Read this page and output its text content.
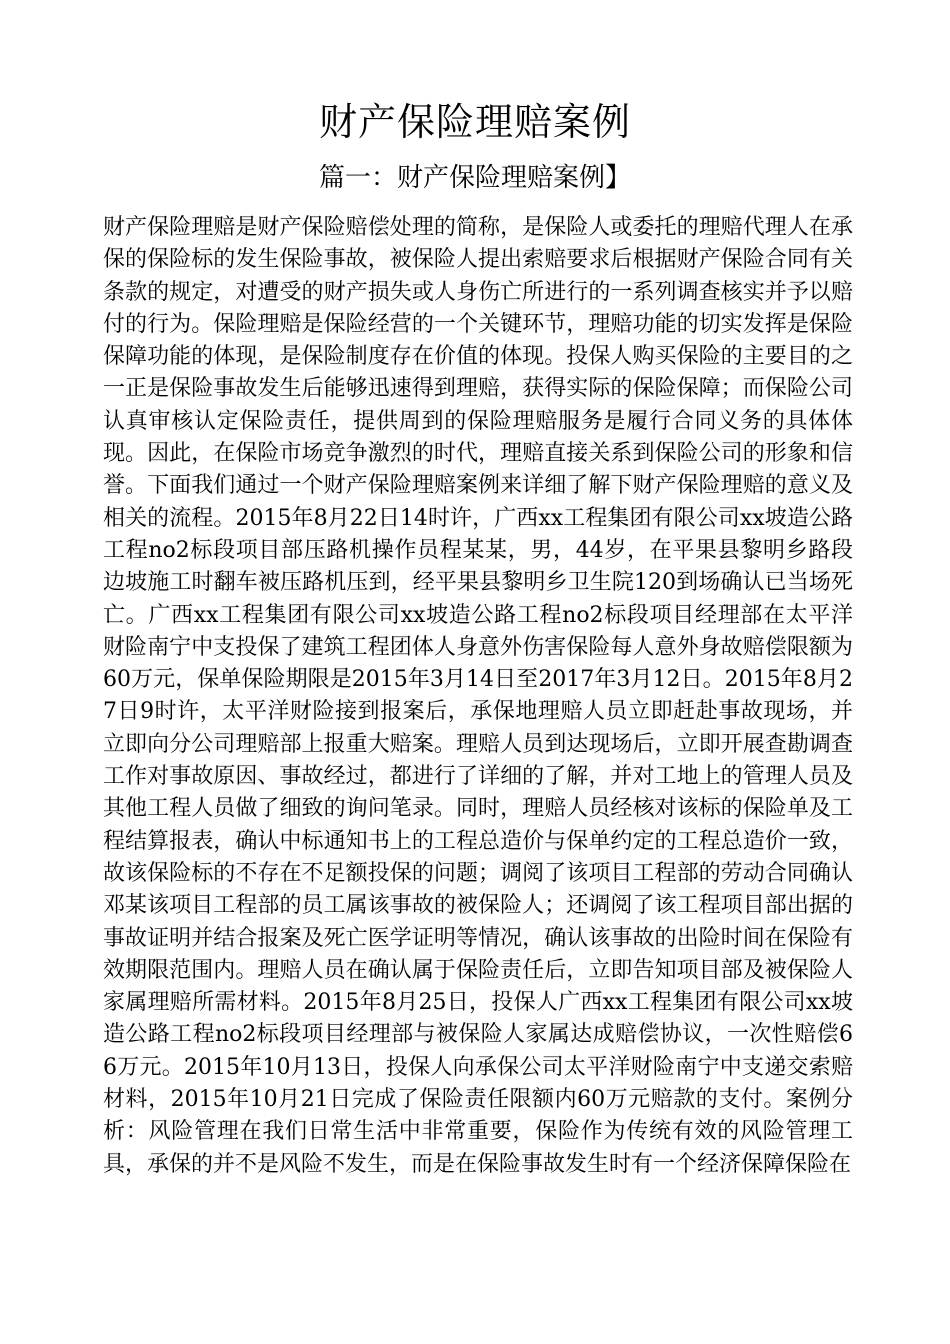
财产保险理赔案例
篇一：财产保险理赔案例】

财产保险理赔是财产保险赔偿处理的简称，是保险人或委托的理赔代理人在承保的保险标的发生保险事故，被保险人提出索赔要求后根据财产保险合同有关条款的规定，对遭受的财产损失或人身伤亡所进行的一系列调查核实并予以赔付的行为。保险理赔是保险经营的一个关键环节，理赔功能的切实发挥是保险保障功能的体现，是保险制度存在价值的体现。投保人购买保险的主要目的之一正是保险事故发生后能够迅速得到理赔，获得实际的保险保障；而保险公司认真审核认定保险责任，提供周到的保险理赔服务是履行合同义务的具体体现。因此，在保险市场竞争激烈的时代，理赔直接关系到保险公司的形象和信誉。下面我们通过一个财产保险理赔案例来详细了解下财产保险理赔的意义及相关的流程。2015年8月22日14时许，广西xx工程集团有限公司xx坡造公路工程no2标段项目部压路机操作员程某某，男，44岁，在平果县黎明乡路段边坡施工时翻车被压路机压到，经平果县黎明乡卫生院120到场确认已当场死亡。广西xx工程集团有限公司xx坡造公路工程no2标段项目经理部在太平洋财险南宁中支投保了建筑工程团体人身意外伤害保险每人意外身故赔偿限额为60万元，保单保险期限是2015年3月14日至2017年3月12日。2015年8月27日9时许，太平洋财险接到报案后，承保地理赔人员立即赶赴事故现场，并立即向分公司理赔部上报重大赔案。理赔人员到达现场后，立即开展查勘调查工作对事故原因、事故经过，都进行了详细的了解，并对工地上的管理人员及其他工程人员做了细致的询问笔录。同时，理赔人员经核对该标的保险单及工程结算报表，确认中标通知书上的工程总造价与保单约定的工程总造价一致，故该保险标的不存在不足额投保的问题；调阅了该项目工程部的劳动合同确认邓某该项目工程部的员工属该事故的被保险人；还调阅了该工程项目部出据的事故证明并结合报案及死亡医学证明等情况，确认该事故的出险时间在保险有效期限范围内。理赔人员在确认属于保险责任后，立即告知项目部及被保险人家属理赔所需材料。2015年8月25日，投保人广西xx工程集团有限公司xx坡造公路工程no2标段项目经理部与被保险人家属达成赔偿协议，一次性赔偿66万元。2015年10月13日，投保人向承保公司太平洋财险南宁中支递交索赔材料，2015年10月21日完成了保险责任限额内60万元赔款的支付。案例分析：风险管理在我们日常生活中非常重要，保险作为传统有效的风险管理工具，承保的并不是风险不发生，而是在保险事故发生时有一个经济保障保险在
